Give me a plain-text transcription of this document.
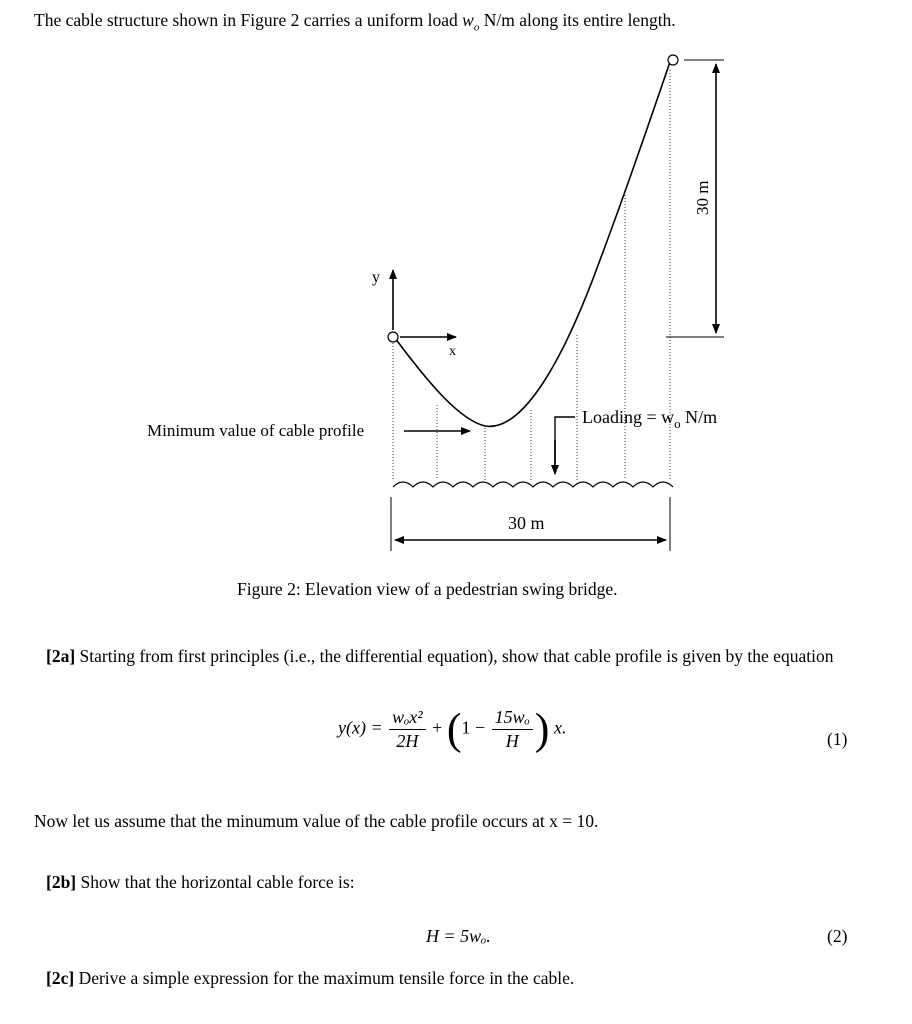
The cable structure shown in Figure 2 carries a uniform load $w_o$ N/m along its entire length.
y
x
30 m
Minimum value of cable profile
Loading = $w_o$ N/m
30 m
Figure 2: Elevation view of a pedestrian swing bridge.
[2a] Starting from first principles (i.e., the differential equation), show that cable profile is given by the equation
$y(x) = \frac{\text{wₒx²}}{2H} + (1 - \frac{\text{15wₒ}}{H}$ ) x.
(1)
Now let us assume that the minumum value of the cable profile occurs at x = 10.
[2b] Show that the horizontal cable force is:
H = 5wₒ.	(2)
[2c] Derive a simple expression for the maximum tensile force in the cable.
